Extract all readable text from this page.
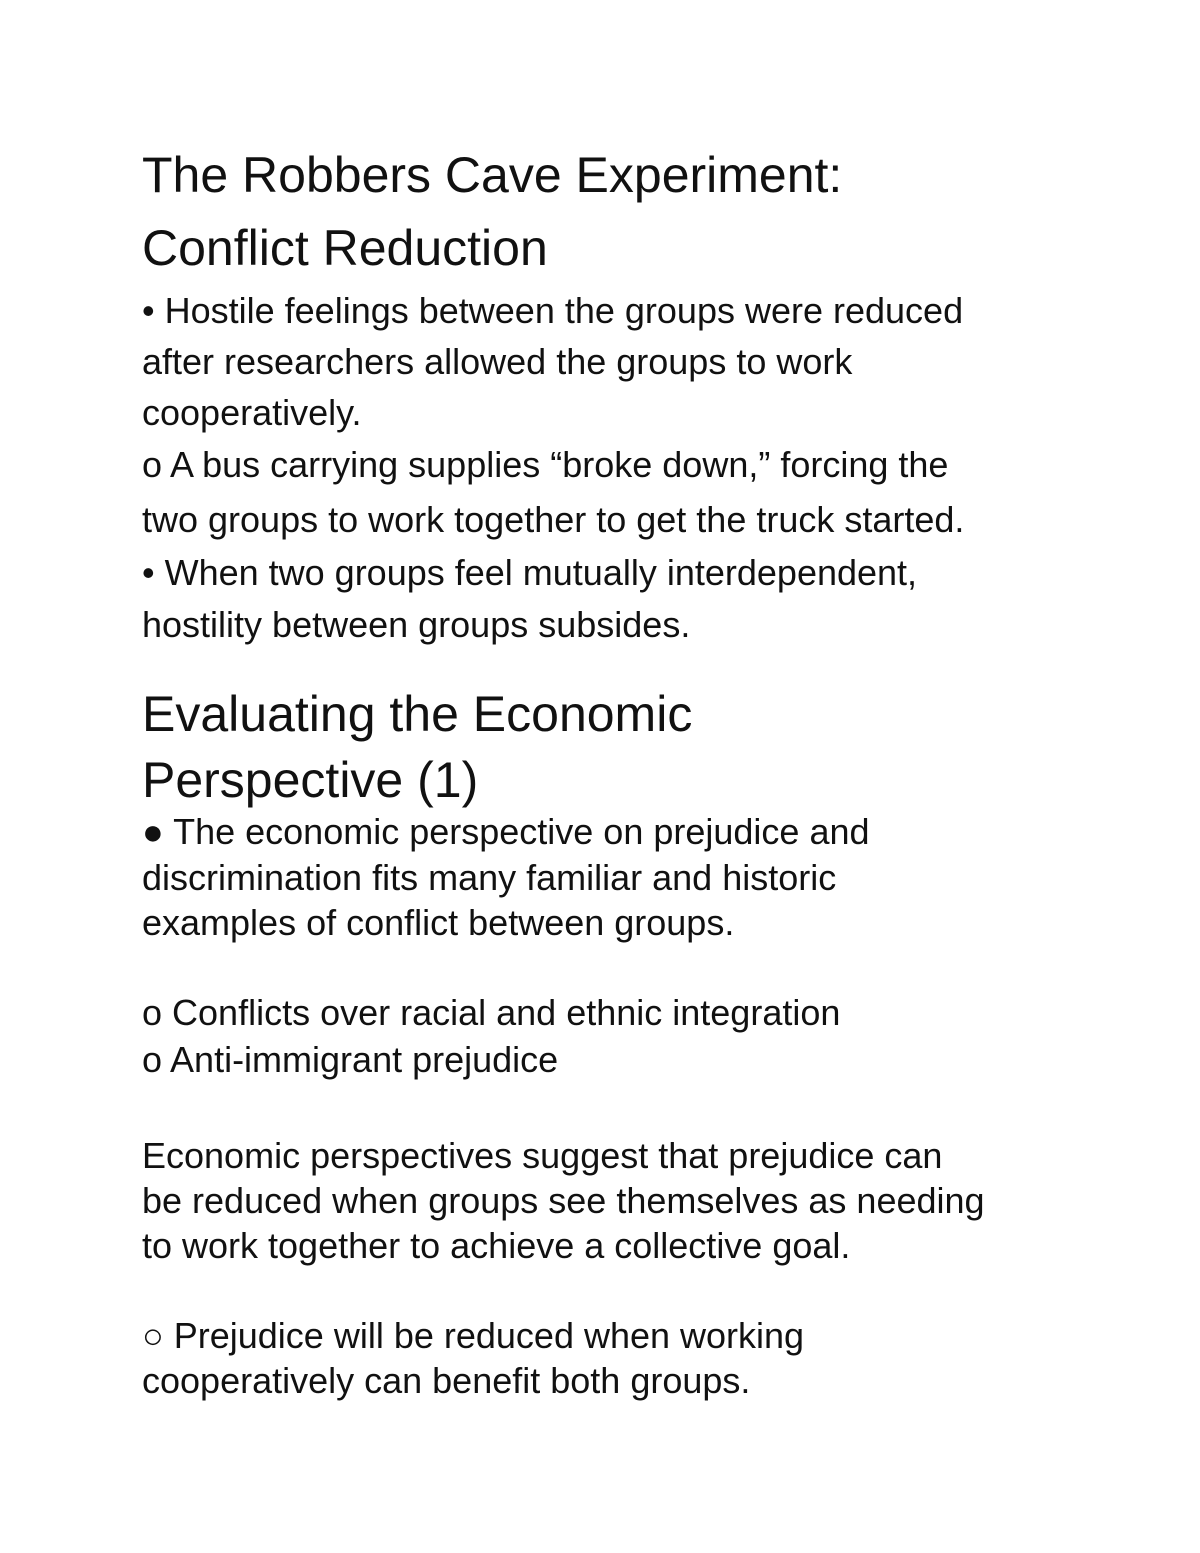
The Robbers Cave Experiment:
Conflict Reduction
• Hostile feelings between the groups were reduced
after researchers allowed the groups to work
cooperatively.
o A bus carrying supplies “broke down,” forcing the
two groups to work together to get the truck started.
• When two groups feel mutually interdependent,
hostility between groups subsides.
Evaluating the Economic
Perspective (1)
● The economic perspective on prejudice and
discrimination fits many familiar and historic
examples of conflict between groups.
o Conflicts over racial and ethnic integration
o Anti-immigrant prejudice
Economic perspectives suggest that prejudice can
be reduced when groups see themselves as needing
to work together to achieve a collective goal.
○ Prejudice will be reduced when working
cooperatively can benefit both groups.
